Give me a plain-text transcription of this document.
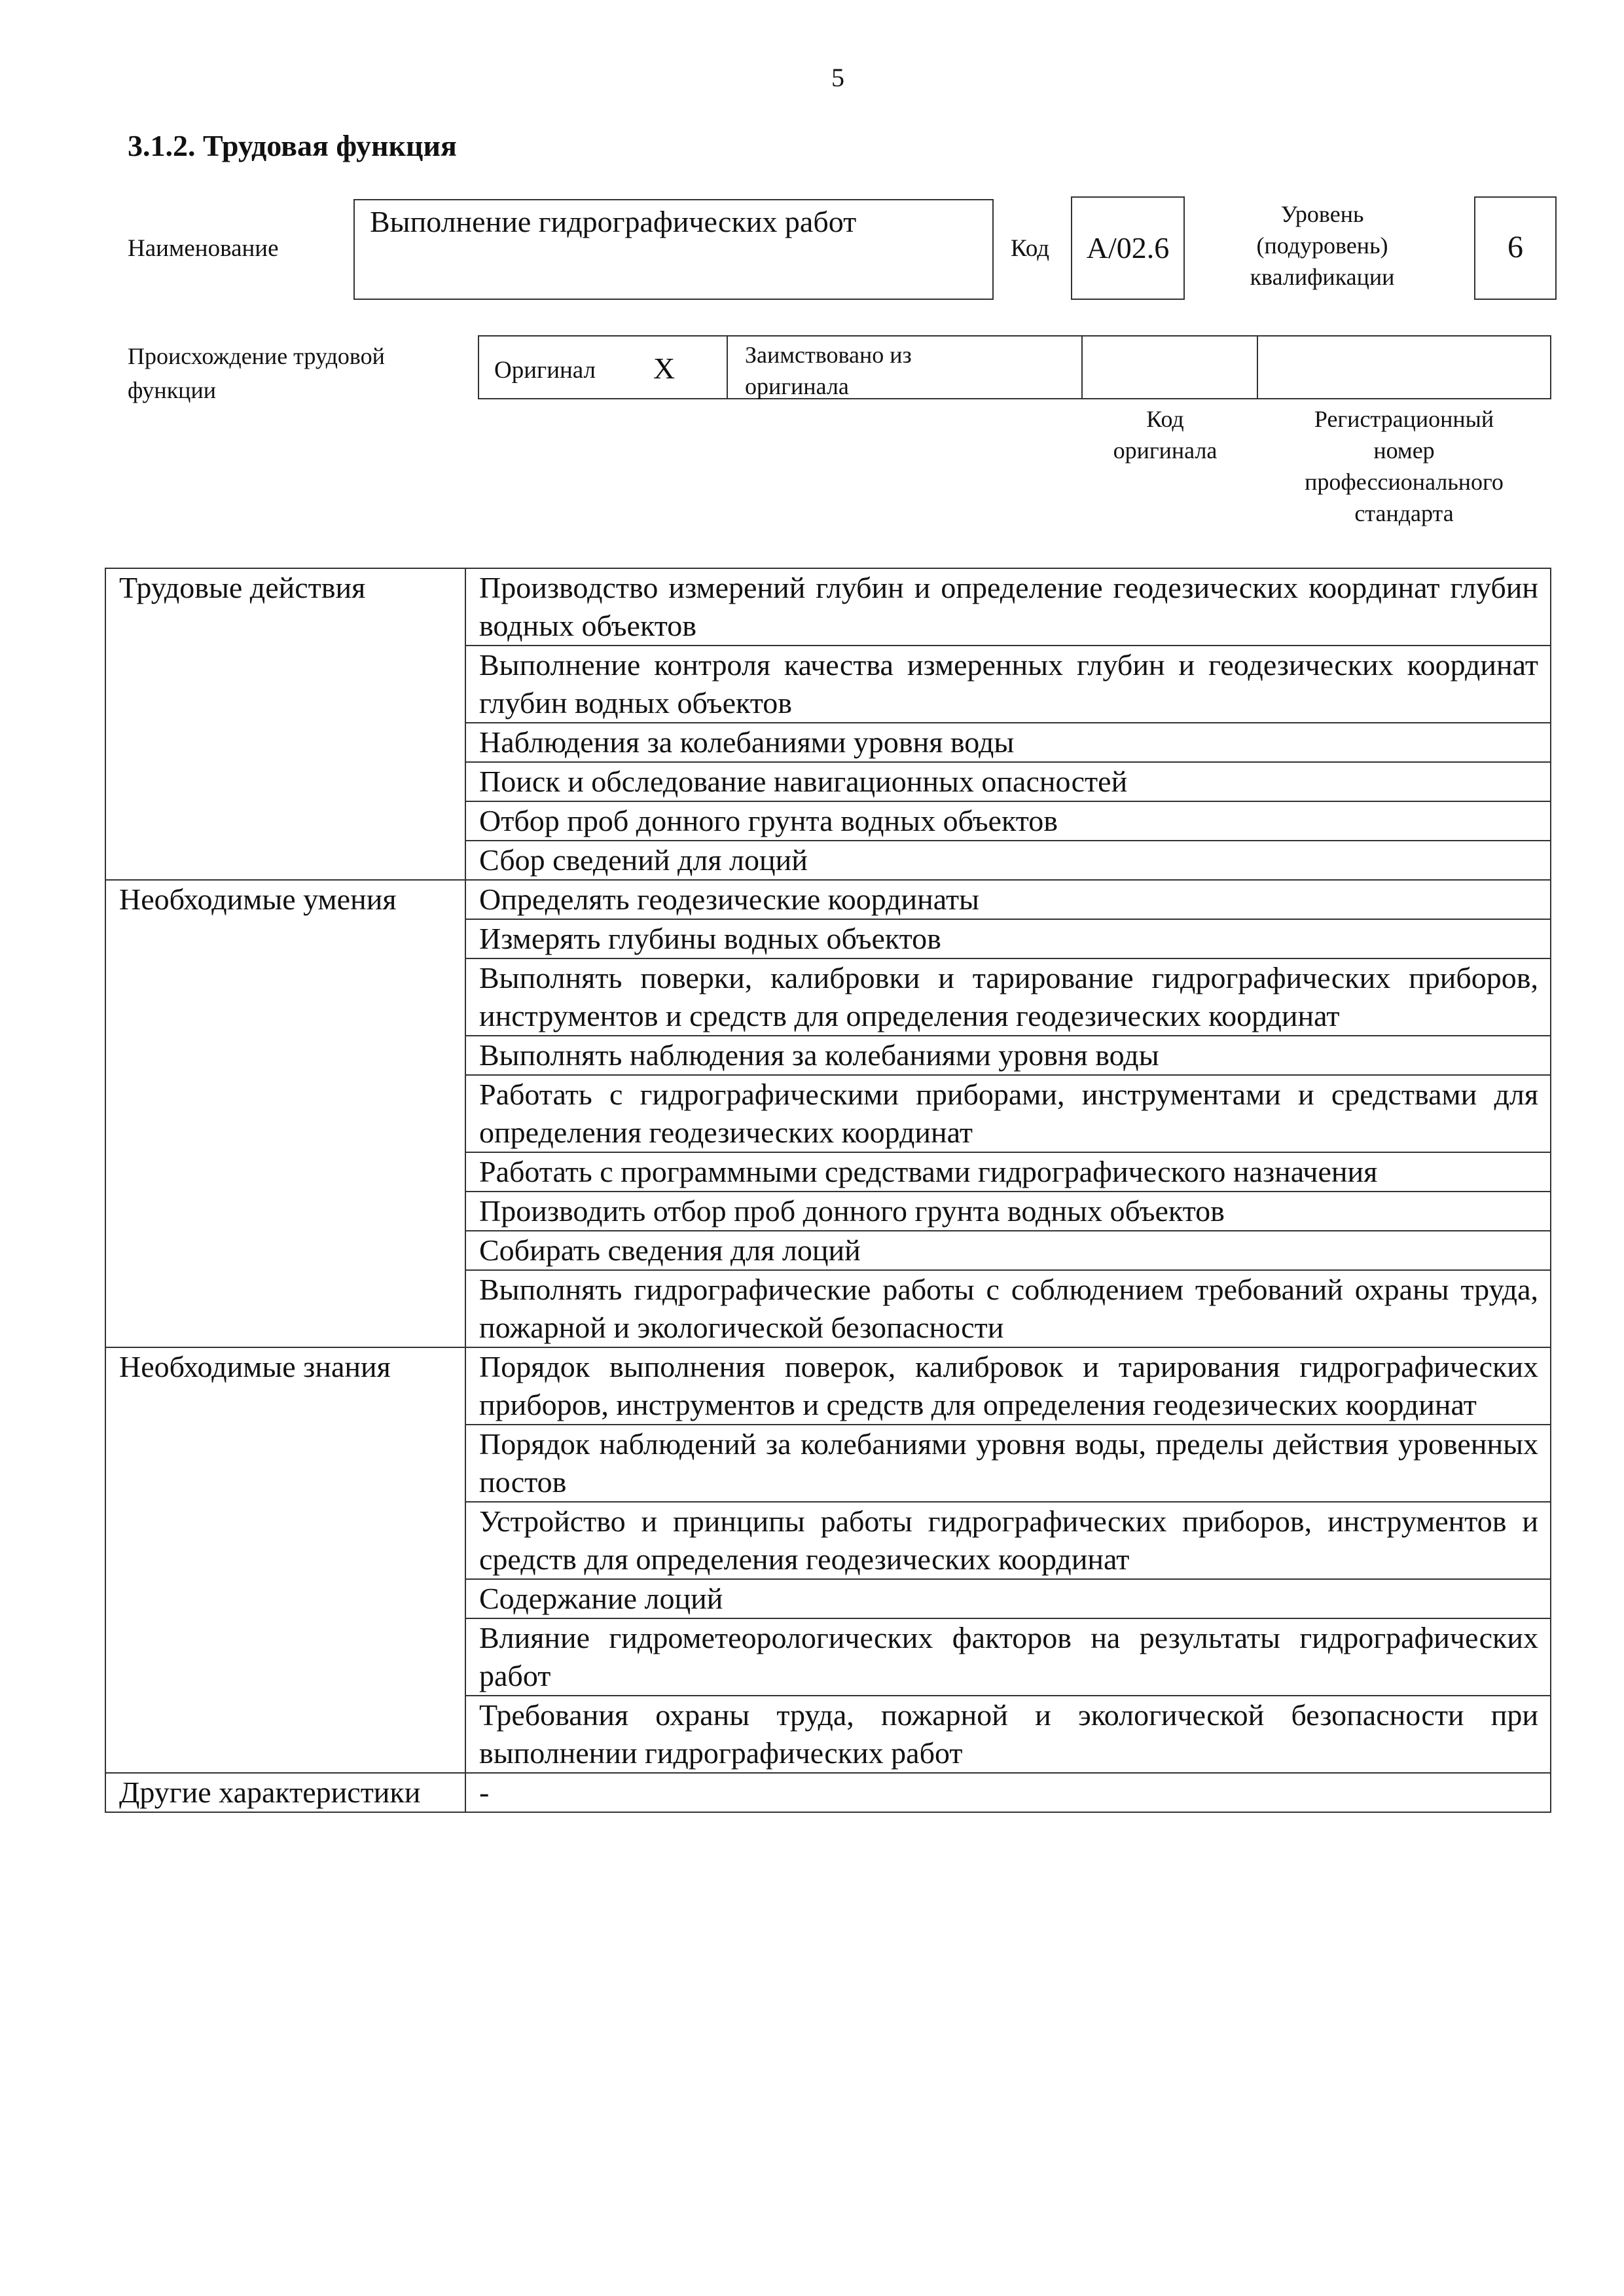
5
3.1.2. Трудовая функция
Наименование
Выполнение гидрографических работ
Код	A/02.6
Уровень
(подуровень)
квалификации
6
Происхождение трудовой
функции
Оригинал X	Заимствовано из
оригинала
Код
оригинала
Регистрационный
номер
профессионального
стандарта
Трудовые действия	Производство измерений глубин и определение геодезических координат глубин водных объектов
	Выполнение контроля качества измеренных глубин и геодезических координат глубин водных объектов
	Наблюдения за колебаниями уровня воды
	Поиск и обследование навигационных опасностей
	Отбор проб донного грунта водных объектов
	Сбор сведений для лоций
Необходимые умения	Определять геодезические координаты
	Измерять глубины водных объектов
	Выполнять поверки, калибровки и тарирование гидрографических приборов, инструментов и средств для определения геодезических координат
	Выполнять наблюдения за колебаниями уровня воды
	Работать с гидрографическими приборами, инструментами и средствами для определения геодезических координат
	Работать с программными средствами гидрографического назначения
	Производить отбор проб донного грунта водных объектов
	Собирать сведения для лоций
	Выполнять гидрографические работы с соблюдением требований охраны труда, пожарной и экологической безопасности
Необходимые знания	Порядок выполнения поверок, калибровок и тарирования гидрографических приборов, инструментов и средств для определения геодезических координат
	Порядок наблюдений за колебаниями уровня воды, пределы действия уровенных постов
	Устройство и принципы работы гидрографических приборов, инструментов и средств для определения геодезических координат
	Содержание лоций
	Влияние гидрометеорологических факторов на результаты гидрографических работ
	Требования охраны труда, пожарной и экологической безопасности при выполнении гидрографических работ
Другие характеристики	-
